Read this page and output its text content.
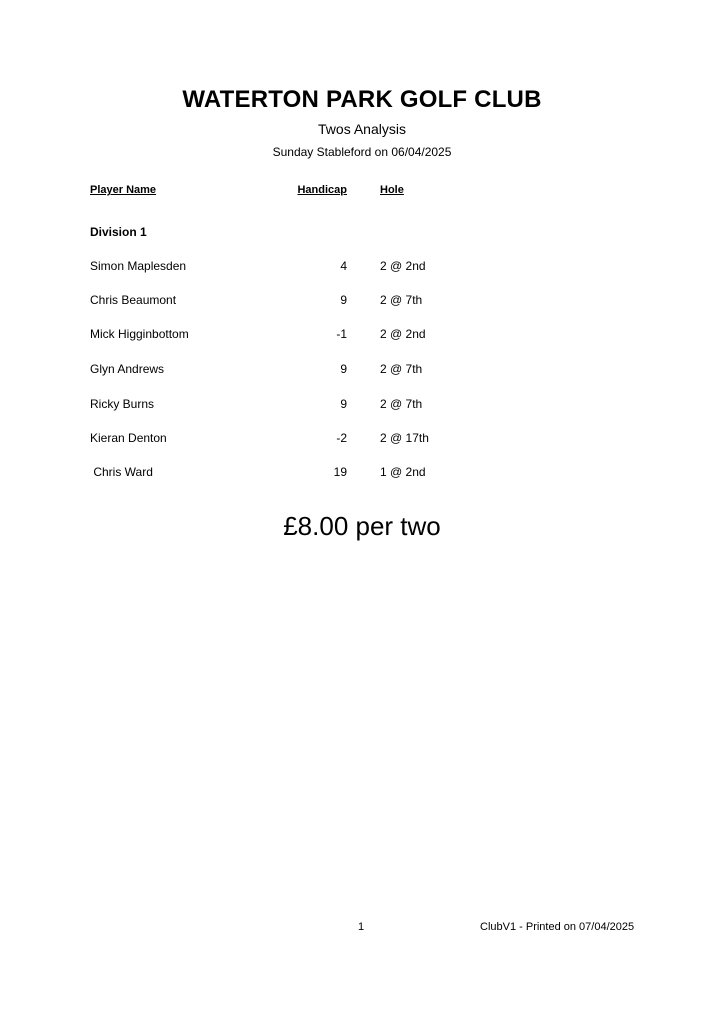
WATERTON PARK GOLF CLUB
Twos Analysis
Sunday Stableford on 06/04/2025
Player Name	Handicap	Hole
Division 1
Simon Maplesden	4	2 @ 2nd
Chris Beaumont	9	2 @ 7th
Mick Higginbottom	-1	2 @ 2nd
Glyn Andrews	9	2 @ 7th
Ricky Burns	9	2 @ 7th
Kieran Denton	-2	2 @ 17th
Chris Ward	19	1 @ 2nd
£8.00 per two
1	ClubV1 - Printed on 07/04/2025
